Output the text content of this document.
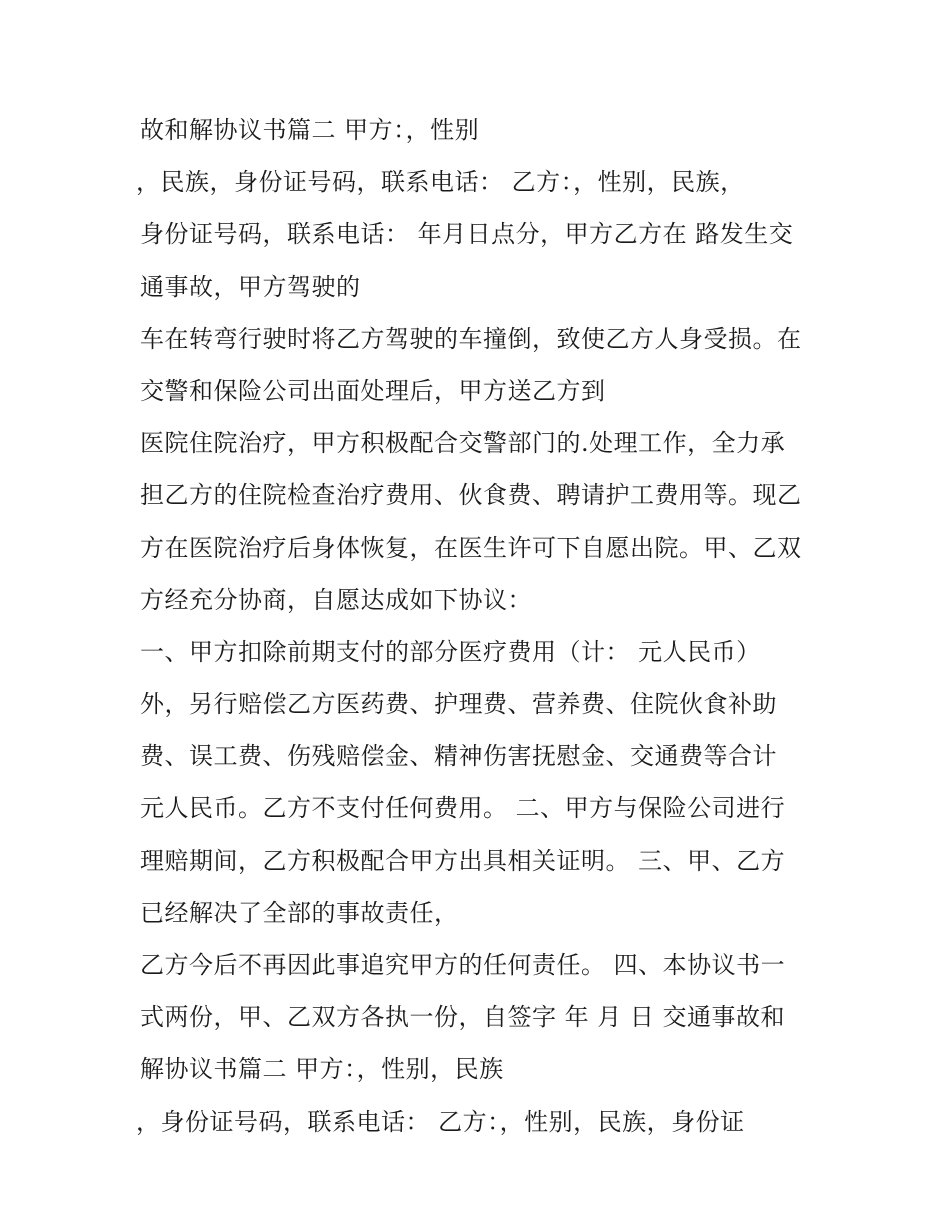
故和解协议书篇二 甲方：，性别
，民族，身份证号码，联系电话： 乙方：，性别，民族，
身份证号码，联系电话： 年月日点分，甲方乙方在 路发生交
通事故，甲方驾驶的
车在转弯行驶时将乙方驾驶的车撞倒，致使乙方人身受损。在
交警和保险公司出面处理后，甲方送乙方到
医院住院治疗，甲方积极配合交警部门的.处理工作，全力承
担乙方的住院检查治疗费用、伙食费、聘请护工费用等。现乙
方在医院治疗后身体恢复，在医生许可下自愿出院。甲、乙双
方经充分协商，自愿达成如下协议：
一、甲方扣除前期支付的部分医疗费用（计： 元人民币）
外，另行赔偿乙方医药费、护理费、营养费、住院伙食补助
费、误工费、伤残赔偿金、精神伤害抚慰金、交通费等合计
元人民币。乙方不支付任何费用。 二、甲方与保险公司进行
理赔期间，乙方积极配合甲方出具相关证明。 三、甲、乙方
已经解决了全部的事故责任，
乙方今后不再因此事追究甲方的任何责任。 四、本协议书一
式两份，甲、乙双方各执一份，自签字 年 月 日 交通事故和
解协议书篇二 甲方：，性别，民族
，身份证号码，联系电话： 乙方：，性别，民族，身份证
